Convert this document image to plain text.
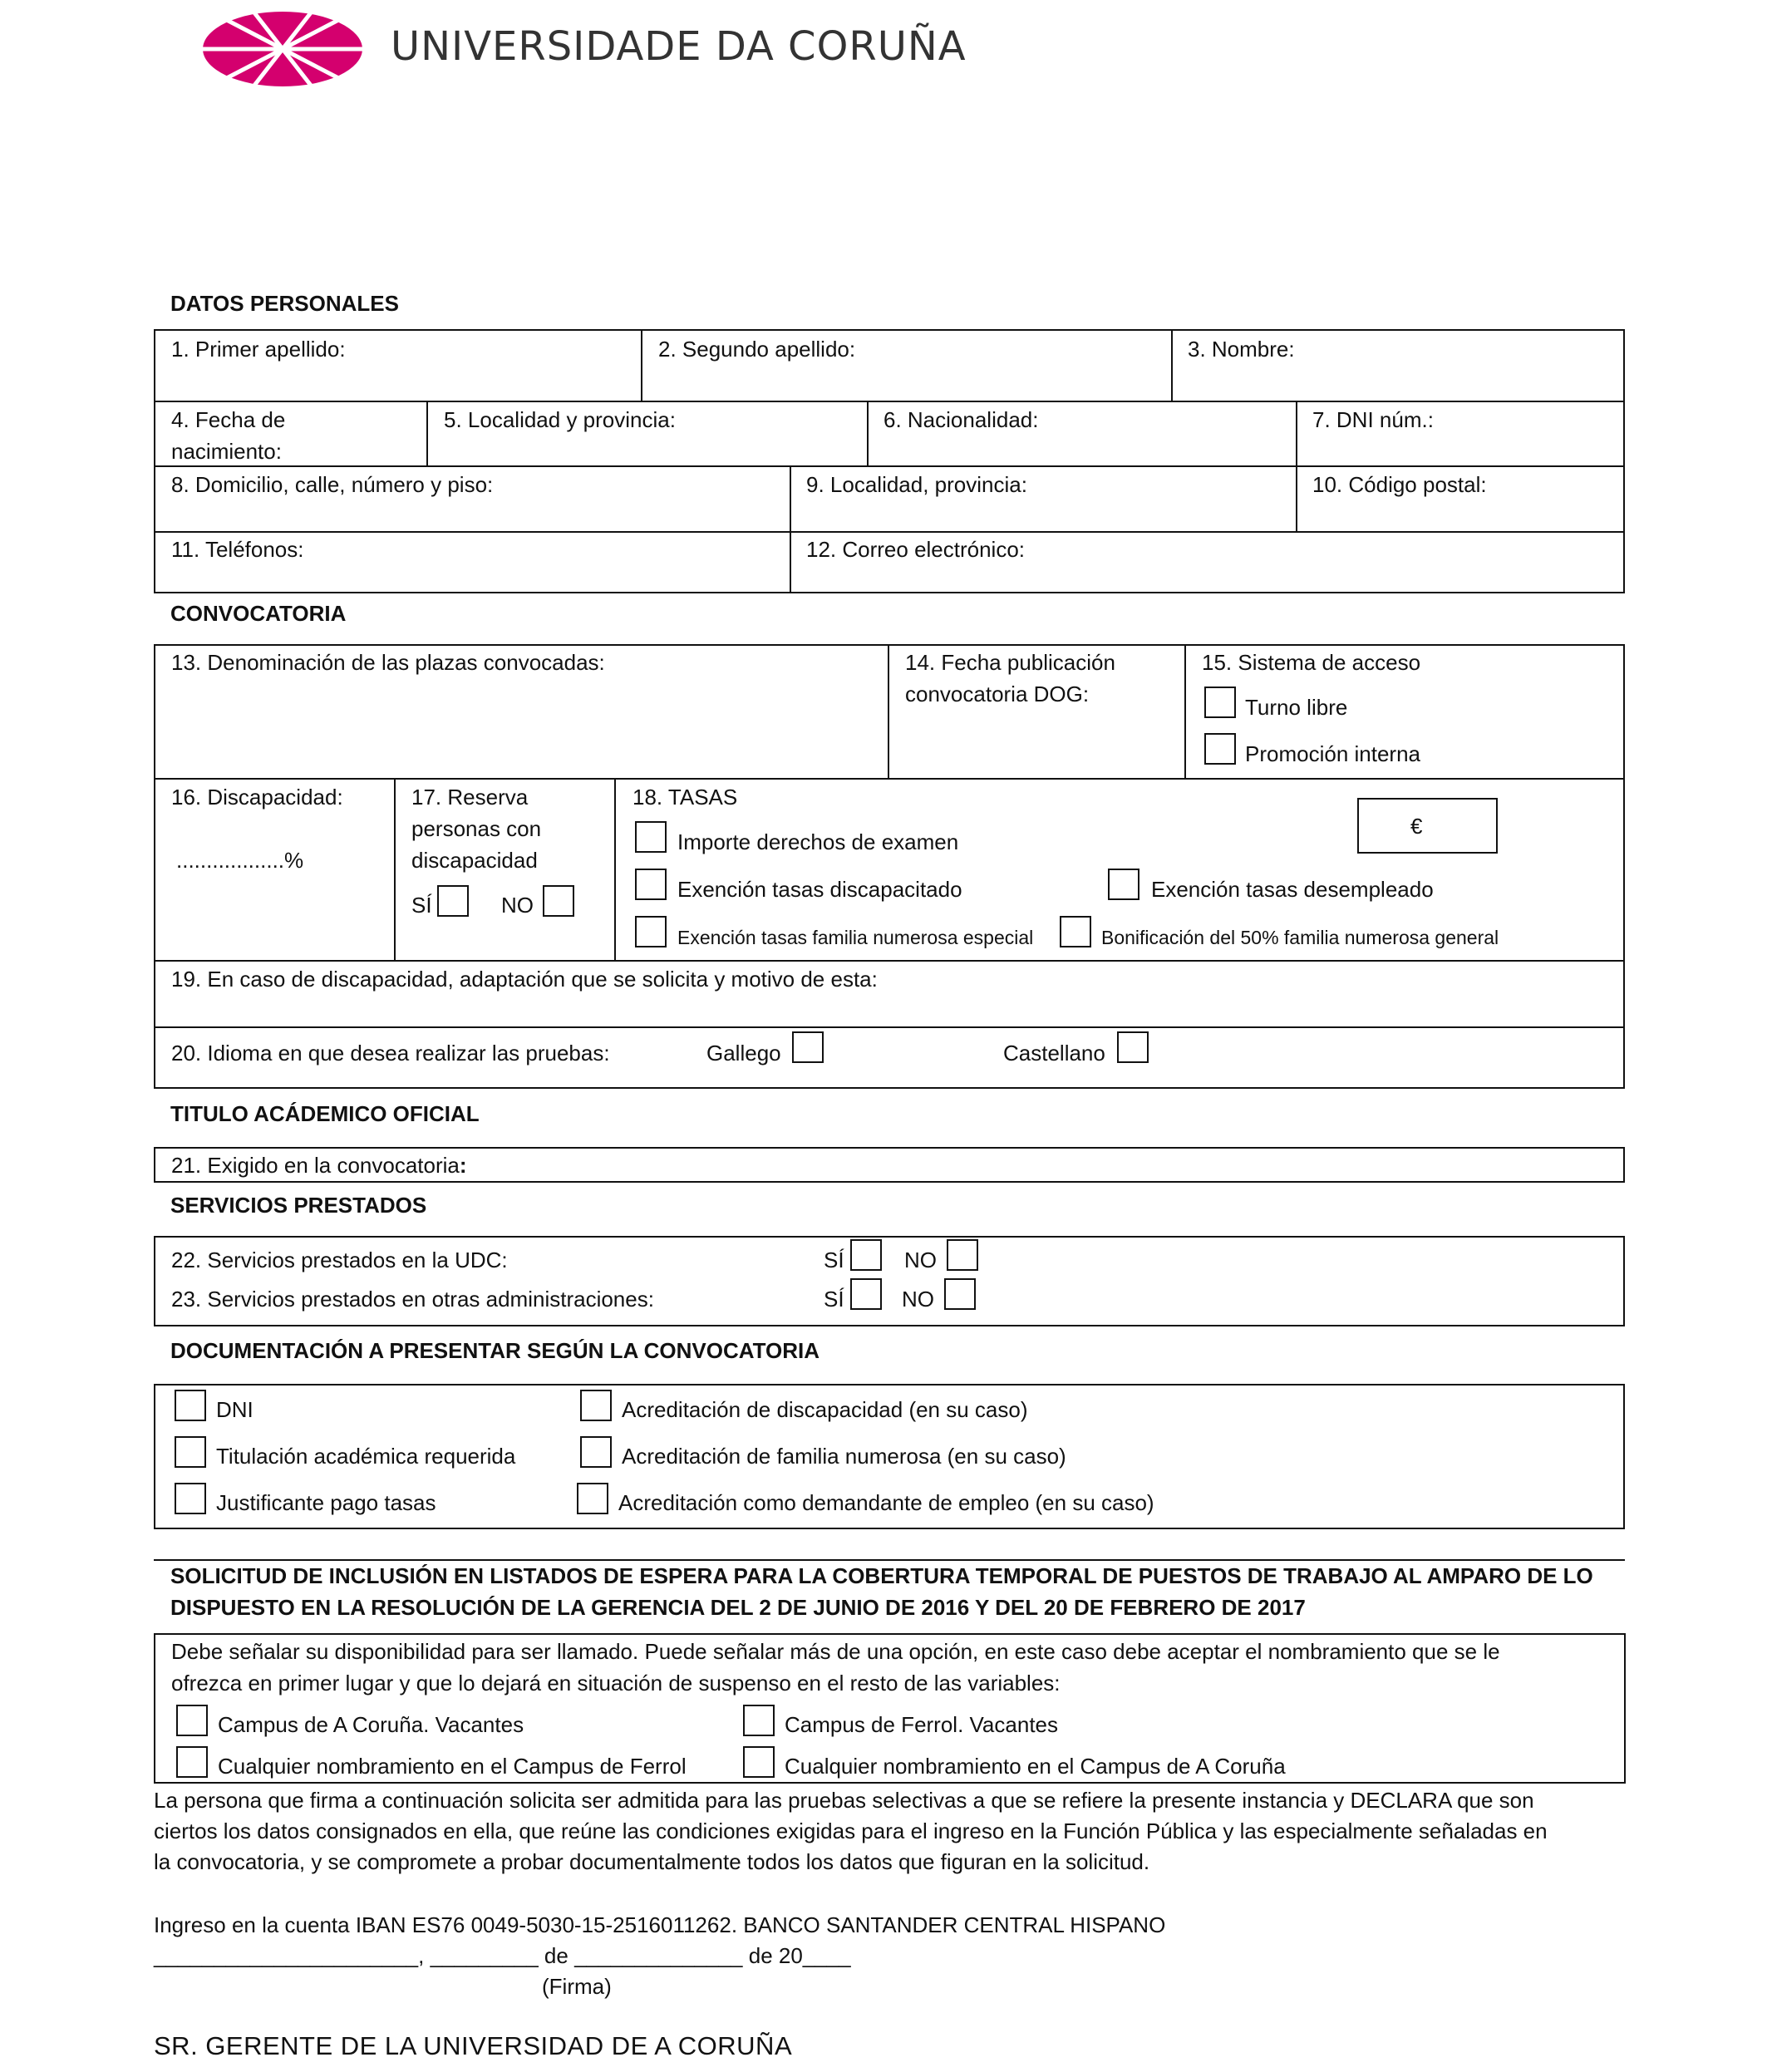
UNIVERSIDADE DA CORUÑA
DATOS PERSONALES
1. Primer apellido:	2. Segundo apellido:	3. Nombre:
4. Fecha de
nacimiento:
5. Localidad y provincia:	6. Nacionalidad:	7. DNI núm.:
8. Domicilio, calle, número y piso:	9. Localidad, provincia:	10. Código postal:
11. Teléfonos:	12. Correo electrónico:
CONVOCATORIA
13. Denominación de las plazas convocadas:	14. Fecha publicación
convocatoria DOG:
15. Sistema de acceso
Turno libre
Promoción interna
16. Discapacidad:
..................%
17. Reserva
personas con
discapacidad
SÍ	NO
18. TASAS
€
Importe derechos de examen
Exención tasas discapacitado	Exención tasas desempleado
Exención tasas familia numerosa especial	Bonificación del 50% familia numerosa general
19. En caso de discapacidad, adaptación que se solicita y motivo de esta:
20. Idioma en que desea realizar las pruebas:	Gallego	Castellano
TITULO ACÁDEMICO OFICIAL
21. Exigido en la convocatoria:
SERVICIOS PRESTADOS
22. Servicios prestados en la UDC:	SÍ	NO
23. Servicios prestados en otras administraciones:	SÍ	NO
DOCUMENTACIÓN A PRESENTAR SEGÚN LA CONVOCATORIA
DNI
Titulación académica requerida
Justificante pago tasas
Acreditación de discapacidad (en su caso)
Acreditación de familia numerosa (en su caso)
Acreditación como demandante de empleo (en su caso)
SOLICITUD DE INCLUSIÓN EN LISTADOS DE ESPERA PARA LA COBERTURA TEMPORAL DE PUESTOS DE TRABAJO AL AMPARO DE LO
DISPUESTO EN LA RESOLUCIÓN DE LA GERENCIA DEL 2 DE JUNIO DE 2016 Y DEL 20 DE FEBRERO DE 2017
Debe señalar su disponibilidad para ser llamado. Puede señalar más de una opción, en este caso debe aceptar el nombramiento que se le
ofrezca en primer lugar y que lo dejará en situación de suspenso en el resto de las variables:
Campus de A Coruña. Vacantes	Campus de Ferrol. Vacantes
Cualquier nombramiento en el Campus de Ferrol	Cualquier nombramiento en el Campus de A Coruña
La persona que firma a continuación solicita ser admitida para las pruebas selectivas a que se refiere la presente instancia y DECLARA que son
ciertos los datos consignados en ella, que reúne las condiciones exigidas para el ingreso en la Función Pública y las especialmente señaladas en
la convocatoria, y se compromete a probar documentalmente todos los datos que figuran en la solicitud.
Ingreso en la cuenta IBAN ES76 0049-5030-15-2516011262. BANCO SANTANDER CENTRAL HISPANO
______________________, _________ de ______________ de 20____
(Firma)
SR. GERENTE DE LA UNIVERSIDAD DE A CORUÑA
